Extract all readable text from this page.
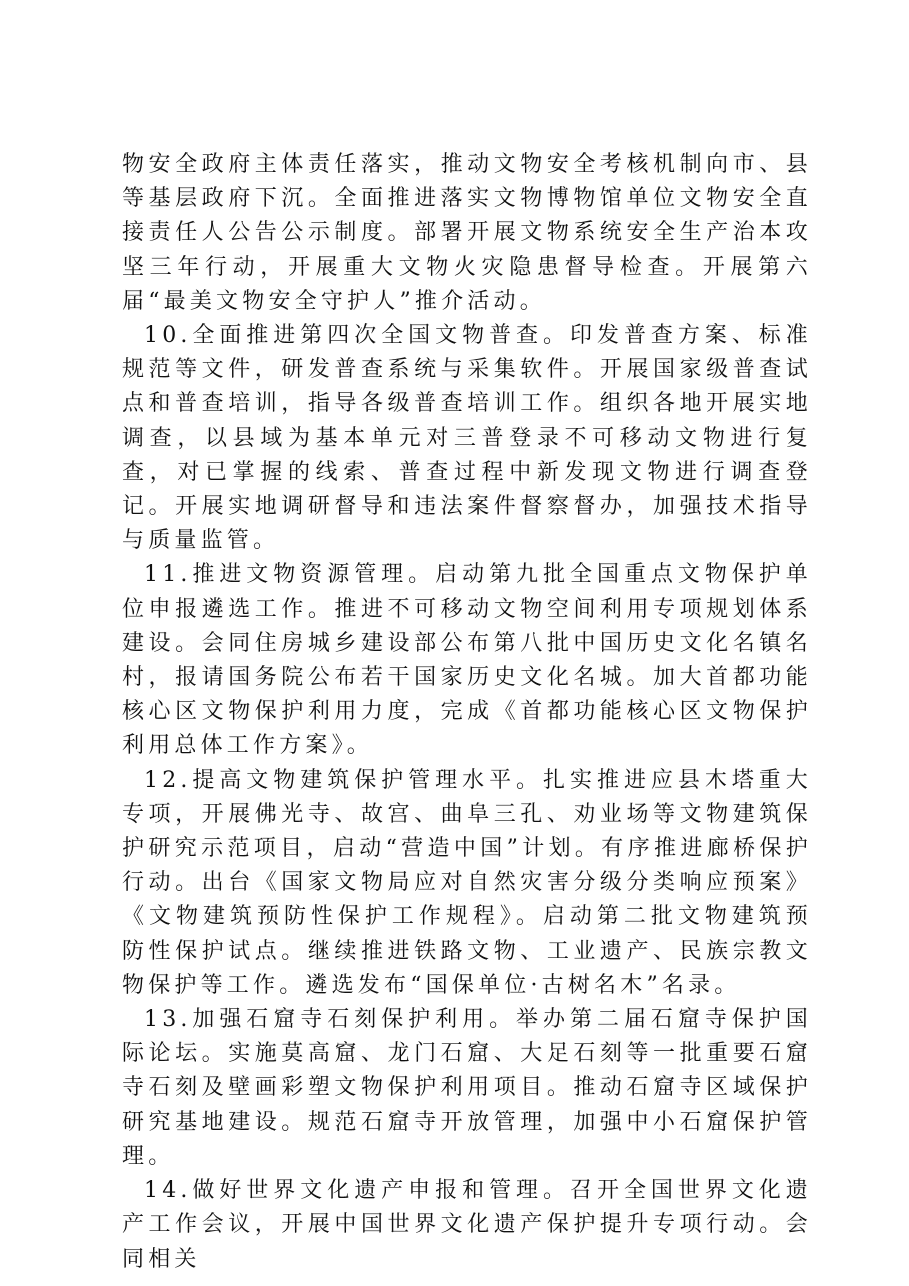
物安全政府主体责任落实，推动文物安全考核机制向市、县等基层政府下沉。全面推进落实文物博物馆单位文物安全直接责任人公告公示制度。部署开展文物系统安全生产治本攻坚三年行动，开展重大文物火灾隐患督导检查。开展第六届“最美文物安全守护人”推介活动。

10.全面推进第四次全国文物普查。印发普查方案、标准规范等文件，研发普查系统与采集软件。开展国家级普查试点和普查培训，指导各级普查培训工作。组织各地开展实地调查，以县域为基本单元对三普登录不可移动文物进行复查，对已掌握的线索、普查过程中新发现文物进行调查登记。开展实地调研督导和违法案件督察督办，加强技术指导与质量监管。

11.推进文物资源管理。启动第九批全国重点文物保护单位申报遴选工作。推进不可移动文物空间利用专项规划体系建设。会同住房城乡建设部公布第八批中国历史文化名镇名村，报请国务院公布若干国家历史文化名城。加大首都功能核心区文物保护利用力度，完成《首都功能核心区文物保护利用总体工作方案》。

12.提高文物建筑保护管理水平。扎实推进应县木塔重大专项，开展佛光寺、故宫、曲阜三孔、劝业场等文物建筑保护研究示范项目，启动“营造中国”计划。有序推进廊桥保护行动。出台《国家文物局应对自然灾害分级分类响应预案》《文物建筑预防性保护工作规程》。启动第二批文物建筑预防性保护试点。继续推进铁路文物、工业遗产、民族宗教文物保护等工作。遴选发布“国保单位·古树名木”名录。

13.加强石窟寺石刻保护利用。举办第二届石窟寺保护国际论坛。实施莫高窟、龙门石窟、大足石刻等一批重要石窟寺石刻及壁画彩塑文物保护利用项目。推动石窟寺区域保护研究基地建设。规范石窟寺开放管理，加强中小石窟保护管理。

14.做好世界文化遗产申报和管理。召开全国世界文化遗产工作会议，开展中国世界文化遗产保护提升专项行动。会同相关
